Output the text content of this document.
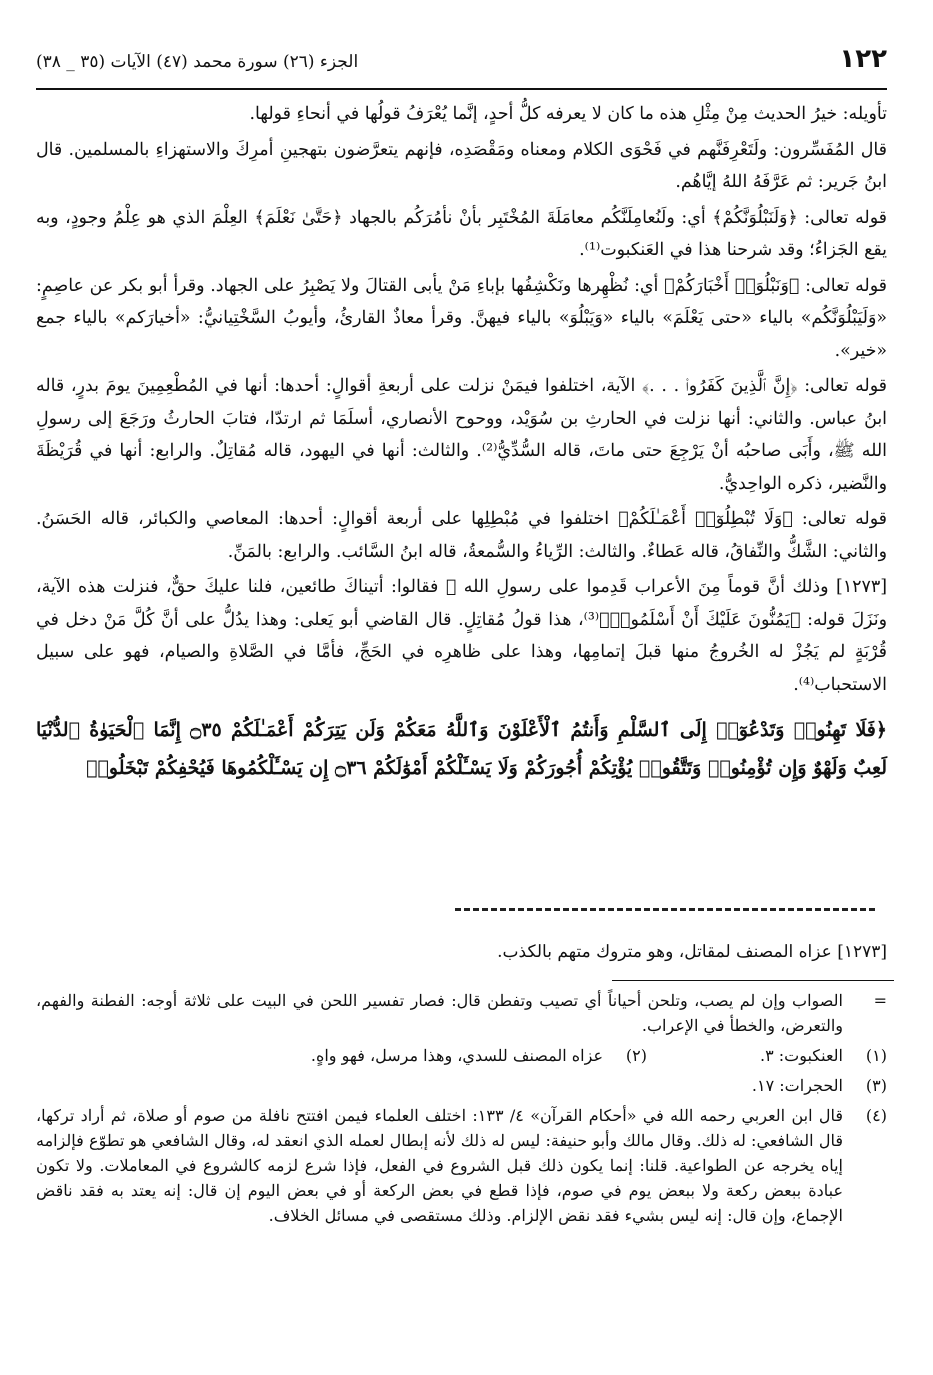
١٢٢
الجزء (٢٦) سورة محمد (٤٧) الآيات (٣٥ _ ٣٨)

تأويله: خيرُ الحديث مِنْ مِثْلِ هذه ما كان لا يعرفه كلُّ أحدٍ، إنَّما يُعْرَفُ قولُها في أنحاءِ قولها.

قال المُفَسِّرون: ولَتَعْرِفَنَّهم في فَحْوَى الكلام ومعناه ومَقْصَدِه، فإنهم يتعرَّضون بتهجينِ أمرِكَ والاستهزاءِ بالمسلمين. قال ابنُ جَرير: ثم عَرَّفَهُ اللهُ إيَّاهُم.

قوله تعالى: ﴿وَلَنَبْلُوَنَّكُمْ﴾ أي: ولَنُعامِلَنَّكُم معامَلَةَ المُخْتَبِر بأنْ نأمُرَكُم بالجهاد ﴿حَتَّىٰ نَعْلَمَ﴾ العِلْمَ الذي هو عِلْمُ وجودٍ، وبه يقع الجَزاءُ؛ وقد شرحنا هذا في العَنكبوت⁽¹⁾.

قوله تعالى: ﴿وَنَبْلُوَا۟ أَخْبَارَكُمْ﴾ أي: نُظْهِرها ونَكْشِفُها بإباءِ مَنْ يأبى القتالَ ولا يَصْبِرُ على الجهاد. وقرأ أبو بكر عن عاصِمٍ: «وَلَيَبْلُوَنَّكُم» بالياء «حتى يَعْلَمَ» بالياء «وَيَبْلُوَ» بالياء فيهنَّ. وقرأ معاذٌ القارئُ، وأيوبُ السَّخْتِيانيُّ: «أخيارَكم» بالياء جمع «خير».

قوله تعالى: ﴿إِنَّ ٱلَّذِينَ كَفَرُوا۟ . . .﴾ الآية، اختلفوا فيمَنْ نزلت على أربعةِ أقوالٍ: أحدها: أنها في المُطْعِمِينَ يومَ بدرٍ، قاله ابنُ عباس. والثاني: أنها نزلت في الحارثِ بن سُوَيْد، ووحوح الأنصاري، أسلَمَا ثم ارتدّا، فتابَ الحارثُ ورَجَعَ إلى رسولِ الله ﷺ، وأَبَى صاحبُه أنْ يَرْجِعَ حتى ماتَ، قاله السُّدِّيُّ⁽²⁾. والثالث: أنها في اليهود، قاله مُقاتِلٌ. والرابع: أنها في قُرَيْظَةَ والنَّضير، ذكره الواحِديُّ.

قوله تعالى: ﴿وَلَا تُبْطِلُوٓا۟ أَعْمَـٰلَكُمْ﴾ اختلفوا في مُبْطِلِها على أربعة أقوالٍ: أحدها: المعاصي والكبائر، قاله الحَسَنُ. والثاني: الشَّكُّ والنِّفاقُ، قاله عَطاءٌ. والثالث: الرِّياءُ والسُّمعةُ، قاله ابنُ السَّائب. والرابع: بالمَنِّ.

[١٢٧٣] وذلك أنَّ قوماً مِنَ الأعراب قَدِموا على رسولِ الله ﷺ فقالوا: أتيناكَ طائعين، فلنا عليكَ حقٌّ، فنزلت هذه الآية، ونَزَلَ قوله: ﴿يَمُنُّونَ عَلَيْكَ أَنْ أَسْلَمُوا۟﴾⁽³⁾، هذا قولُ مُقاتِلٍ. قال القاضي أبو يَعلى: وهذا يدُلُّ على أنَّ كُلَّ مَنْ دخل في قُرْبَةٍ لم يَجُزْ له الخُروجُ منها قبلَ إتمامِها، وهذا على ظاهرِه في الحَجِّ، فأمَّا في الصَّلاةِ والصيام، فهو على سبيل الاستحباب⁽⁴⁾.

﴿فَلَا تَهِنُوا۟ وَتَدْعُوٓا۟ إِلَى ٱلسَّلْمِ وَأَنتُمُ ٱلْأَعْلَوْنَ وَٱللَّهُ مَعَكُمْ وَلَن يَتِرَكُمْ أَعْمَـٰلَكُمْ ۝٣٥ إِنَّمَا ٱلْحَيَوٰةُ ٱلدُّنْيَا لَعِبٌ وَلَهْوٌ وَإِن تُؤْمِنُوا۟ وَتَتَّقُوا۟ يُؤْتِكُمْ أُجُورَكُمْ وَلَا يَسْـَٔلْكُمْ أَمْوَٰلَكُمْ ۝٣٦ إِن يَسْـَٔلْكُمُوهَا فَيُحْفِكُمْ تَبْخَلُوا۟

[١٢٧٣] عزاه المصنف لمقاتل، وهو متروك متهم بالكذب.
=
الصواب وإن لم يصب، وتلحن أحياناً أي تصيب وتفطن قال: فصار تفسير اللحن في البيت على ثلاثة أوجه: الفطنة والفهم، والتعرض، والخطأ في الإعراب.
(١)
العنكبوت: ٣.
(٢)
عزاه المصنف للسدي، وهذا مرسل، فهو واهٍ.
(٣)
الحجرات: ١٧.
(٤)
قال ابن العربي رحمه الله في «أحكام القرآن» ٤/ ١٣٣: اختلف العلماء فيمن افتتح نافلة من صوم أو صلاة، ثم أراد تركها، قال الشافعي: له ذلك. وقال مالك وأبو حنيفة: ليس له ذلك لأنه إبطال لعمله الذي انعقد له، وقال الشافعي هو تطوّع فإلزامه إياه يخرجه عن الطواعية. قلنا: إنما يكون ذلك قبل الشروع في الفعل، فإذا شرع لزمه كالشروع في المعاملات. ولا تكون عبادة ببعض ركعة ولا ببعض يوم في صوم، فإذا قطع في بعض الركعة أو في بعض اليوم إن قال: إنه يعتد به فقد ناقض الإجماع، وإن قال: إنه ليس بشيء فقد نقض الإلزام. وذلك مستقصى في مسائل الخلاف.
